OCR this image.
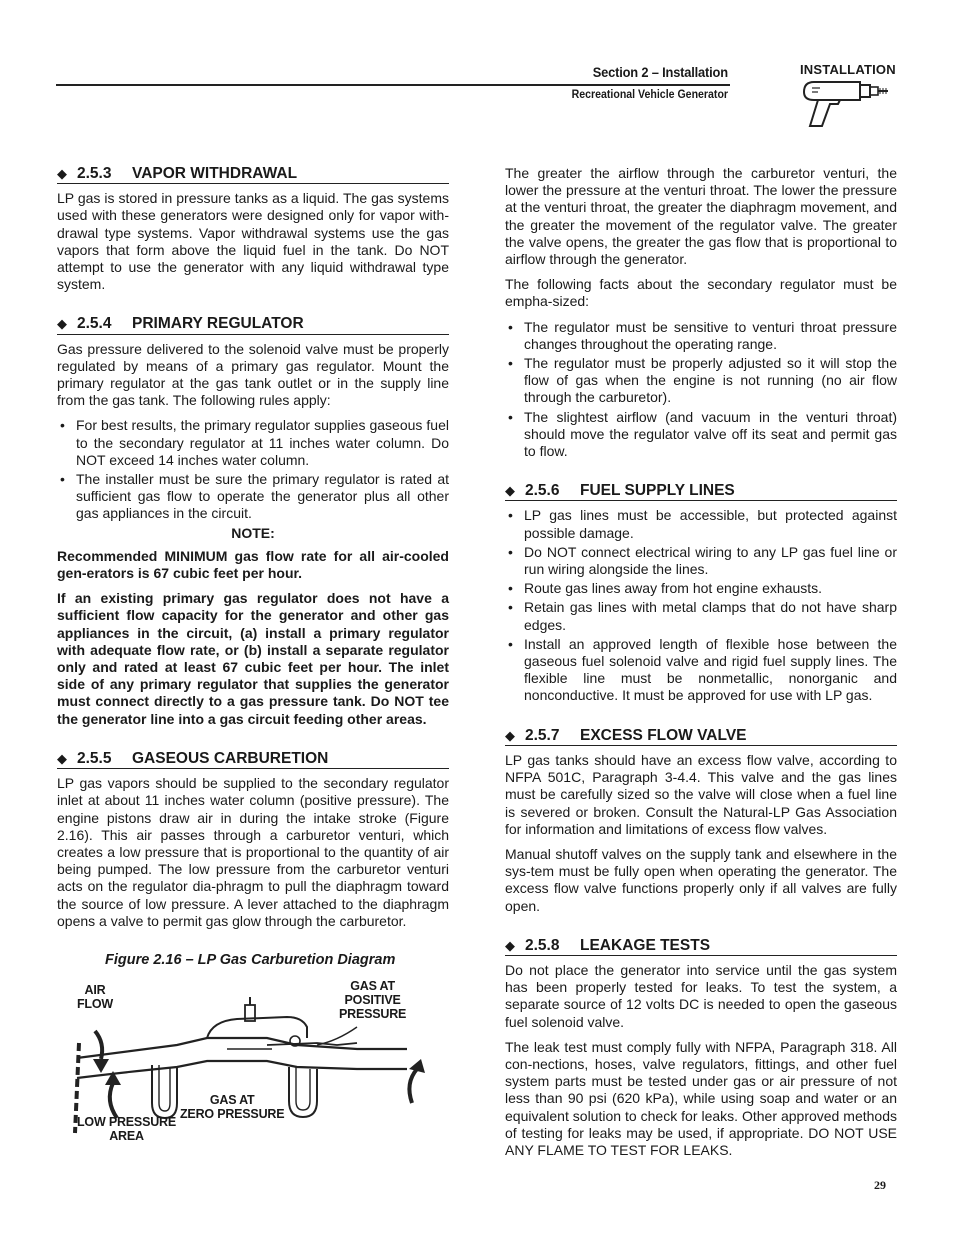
Section 2 – Installation
Recreational Vehicle Generator
INSTALLATION
◆ 2.5.3	VAPOR WITHDRAWAL

LP gas is stored in pressure tanks as a liquid. The gas systems used with these generators were designed only for vapor with-drawal type systems. Vapor withdrawal systems use the gas vapors that form above the liquid fuel in the tank. Do NOT attempt to use the generator with any liquid withdrawal type system.

◆ 2.5.4	PRIMARY REGULATOR

Gas pressure delivered to the solenoid valve must be properly regulated by means of a primary gas regulator. Mount the primary regulator at the gas tank outlet or in the supply line from the gas tank. The following rules apply:

• For best results, the primary regulator supplies gaseous fuel to the secondary regulator at 11 inches water column. Do NOT exceed 14 inches water column.
• The installer must be sure the primary regulator is rated at sufficient gas flow to operate the generator plus all other gas appliances in the circuit.

NOTE:

Recommended MINIMUM gas flow rate for all air-cooled gen-erators is 67 cubic feet per hour.

If an existing primary gas regulator does not have a sufficient flow capacity for the generator and other gas appliances in the circuit, (a) install a primary regulator with adequate flow rate, or (b) install a separate regulator only and rated at least 67 cubic feet per hour. The inlet side of any primary regulator that supplies the generator must connect directly to a gas pressure tank. Do NOT tee the generator line into a gas circuit feeding other areas.

◆ 2.5.5	GASEOUS CARBURETION

LP gas vapors should be supplied to the secondary regulator inlet at about 11 inches water column (positive pressure). The engine pistons draw air in during the intake stroke (Figure 2.16). This air passes through a carburetor venturi, which creates a low pressure that is proportional to the quantity of air being pumped. The low pressure from the carburetor venturi acts on the regulator dia-phragm to pull the diaphragm toward the source of low pressure. A lever attached to the diaphragm opens a valve to permit gas glow through the carburetor.

Figure 2.16 – LP Gas Carburetion Diagram
AIR
FLOW
GAS AT
POSITIVE
PRESSURE
GAS AT
ZERO PRESSURE
LOW PRESSURE
AREA

The greater the airflow through the carburetor venturi, the lower the pressure at the venturi throat. The lower the pressure at the venturi throat, the greater the diaphragm movement, and the greater the movement of the regulator valve. The greater the valve opens, the greater the gas flow that is proportional to airflow through the generator.

The following facts about the secondary regulator must be empha-sized:

• The regulator must be sensitive to venturi throat pressure changes throughout the operating range.
• The regulator must be properly adjusted so it will stop the flow of gas when the engine is not running (no air flow through the carburetor).
• The slightest airflow (and vacuum in the venturi throat) should move the regulator valve off its seat and permit gas to flow.
◆ 2.5.6	FUEL SUPPLY LINES
• LP gas lines must be accessible, but protected against possible damage.
• Do NOT connect electrical wiring to any LP gas fuel line or run wiring alongside the lines.
• Route gas lines away from hot engine exhausts.
• Retain gas lines with metal clamps that do not have sharp edges.
• Install an approved length of flexible hose between the gaseous fuel solenoid valve and rigid fuel supply lines. The flexible line must be nonmetallic, nonorganic and nonconductive. It must be approved for use with LP gas.
◆ 2.5.7	EXCESS FLOW VALVE

LP gas tanks should have an excess flow valve, according to NFPA 501C, Paragraph 3-4.4. This valve and the gas lines must be carefully sized so the valve will close when a fuel line is severed or broken. Consult the Natural-LP Gas Association for information and limitations of excess flow valves.

Manual shutoff valves on the supply tank and elsewhere in the sys-tem must be fully open when operating the generator. The excess flow valve functions properly only if all valves are fully open.

◆ 2.5.8	LEAKAGE TESTS

Do not place the generator into service until the gas system has been properly tested for leaks. To test the system, a separate source of 12 volts DC is needed to open the gaseous fuel solenoid valve.

The leak test must comply fully with NFPA, Paragraph 318. All con-nections, hoses, valve regulators, fittings, and other fuel system parts must be tested under gas or air pressure of not less than 90 psi (620 kPa), while using soap and water or an equivalent solution to check for leaks. Other approved methods of testing for leaks may be used, if appropriate. DO NOT USE ANY FLAME TO TEST FOR LEAKS.

29
